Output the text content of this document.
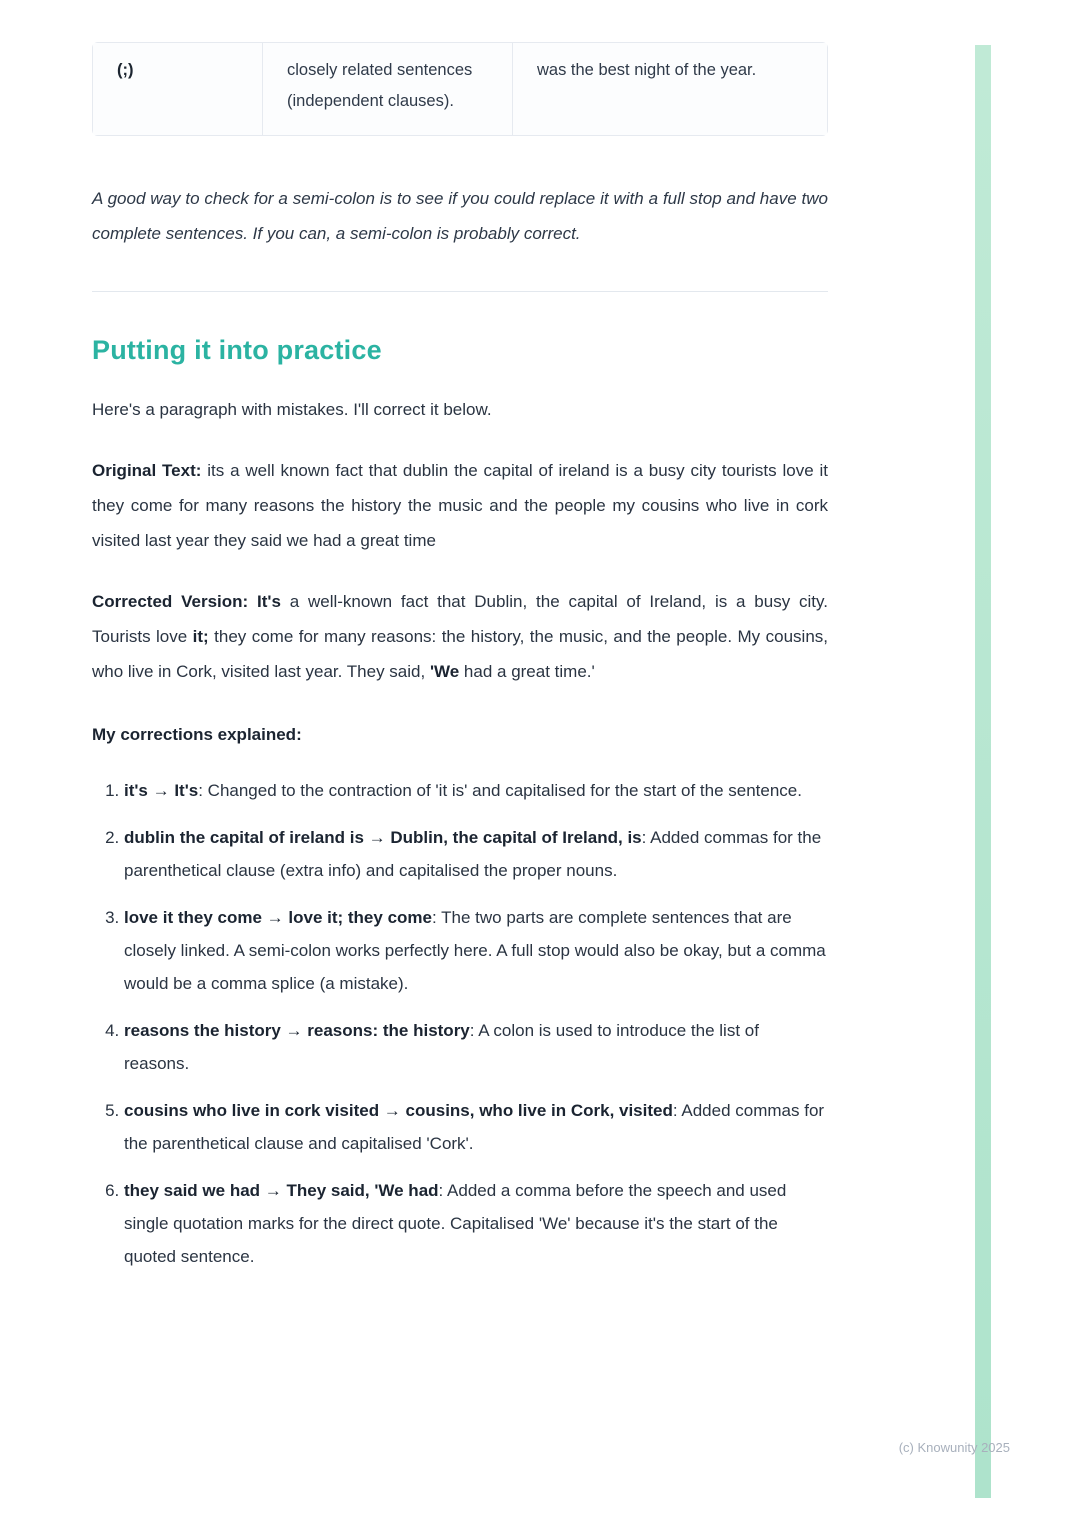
(;)	closely related sentences (independent clauses).	was the best night of the year.

A good way to check for a semi-colon is to see if you could replace it with a full stop and have two complete sentences. If you can, a semi-colon is probably correct.

Putting it into practice

Here's a paragraph with mistakes. I'll correct it below.

Original Text: its a well known fact that dublin the capital of ireland is a busy city tourists love it they come for many reasons the history the music and the people my cousins who live in cork visited last year they said we had a great time

Corrected Version: It's a well-known fact that Dublin, the capital of Ireland, is a busy city. Tourists love it; they come for many reasons: the history, the music, and the people. My cousins, who live in Cork, visited last year. They said, 'We had a great time.'

My corrections explained:

1. it's → It's: Changed to the contraction of 'it is' and capitalised for the start of the sentence.
2. dublin the capital of ireland is → Dublin, the capital of Ireland, is: Added commas for the parenthetical clause (extra info) and capitalised the proper nouns.
3. love it they come → love it; they come: The two parts are complete sentences that are closely linked. A semi-colon works perfectly here. A full stop would also be okay, but a comma would be a comma splice (a mistake).
4. reasons the history → reasons: the history: A colon is used to introduce the list of reasons.
5. cousins who live in cork visited → cousins, who live in Cork, visited: Added commas for the parenthetical clause and capitalised 'Cork'.
6. they said we had → They said, 'We had: Added a comma before the speech and used single quotation marks for the direct quote. Capitalised 'We' because it's the start of the quoted sentence.
(c) Knowunity 2025
